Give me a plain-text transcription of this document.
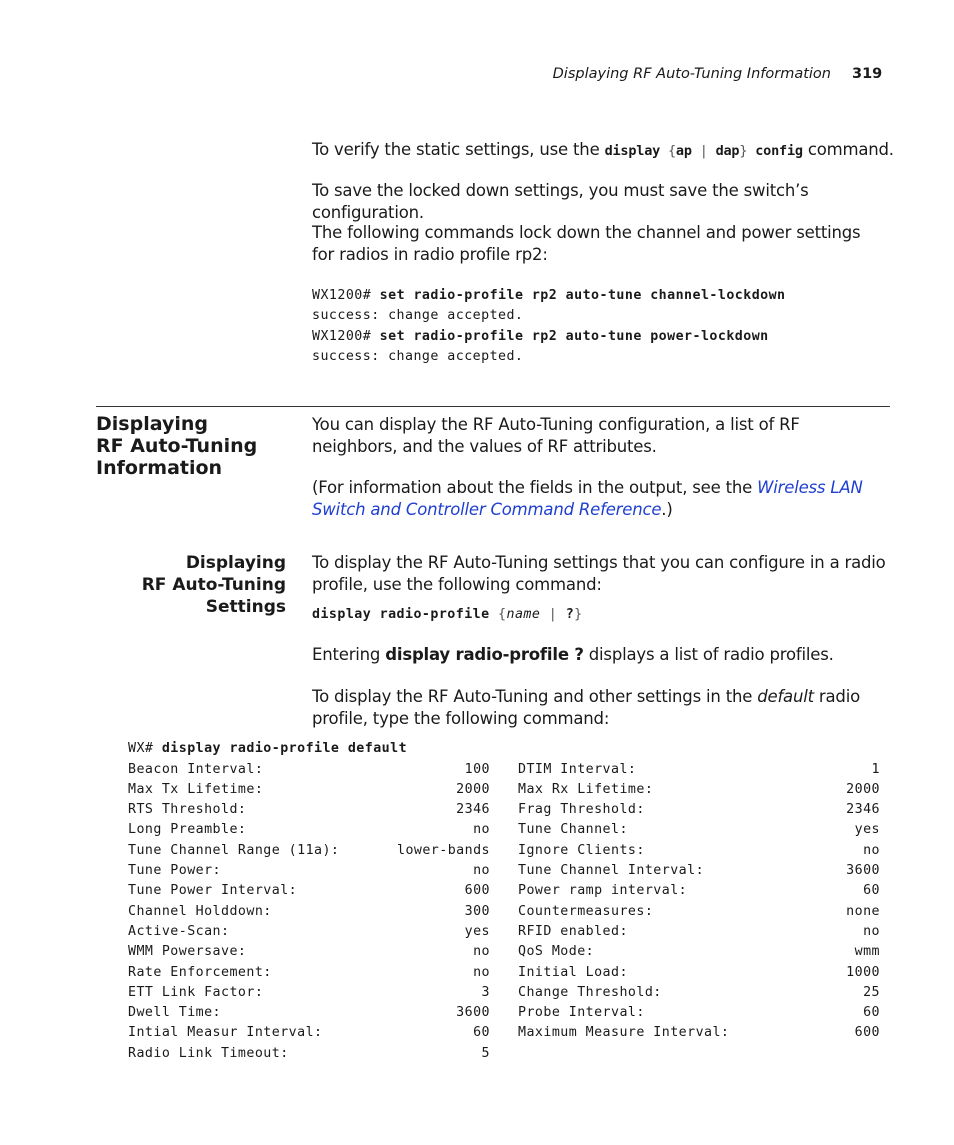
Displaying RF Auto-Tuning Information 319
To verify the static settings, use the display {ap | dap} config command.
To save the locked down settings, you must save the switch’s configuration.
The following commands lock down the channel and power settings for radios in radio profile rp2:
WX1200# set radio-profile rp2 auto-tune channel-lockdown
success: change accepted.
WX1200# set radio-profile rp2 auto-tune power-lockdown
success: change accepted.
Displaying
RF Auto-Tuning
Information
You can display the RF Auto-Tuning configuration, a list of RF neighbors, and the values of RF attributes.
(For information about the fields in the output, see the Wireless LAN Switch and Controller Command Reference.)
Displaying
RF Auto-Tuning
Settings
To display the RF Auto-Tuning settings that you can configure in a radio profile, use the following command:
display radio-profile {name | ?}
Entering display radio-profile ? displays a list of radio profiles.
To display the RF Auto-Tuning and other settings in the default radio profile, type the following command:
WX# display radio-profile default
Beacon Interval:	100 DTIM Interval:	1
Max Tx Lifetime:	2000 Max Rx Lifetime:	2000
RTS Threshold:	2346 Frag Threshold:	2346
Long Preamble:	no Tune Channel:	yes
Tune Channel Range (11a):	lower-bands Ignore Clients:	no
Tune Power:	no Tune Channel Interval:	3600
Tune Power Interval:	600 Power ramp interval:	60
Channel Holddown:	300 Countermeasures:	none
Active-Scan:	yes RFID enabled:	no
WMM Powersave:	no QoS Mode:	wmm
Rate Enforcement:	no Initial Load:	1000
ETT Link Factor:	3 Change Threshold:	25
Dwell Time:	3600 Probe Interval:	60
Intial Measur Interval:	60 Maximum Measure Interval:	600
Radio Link Timeout:	5
